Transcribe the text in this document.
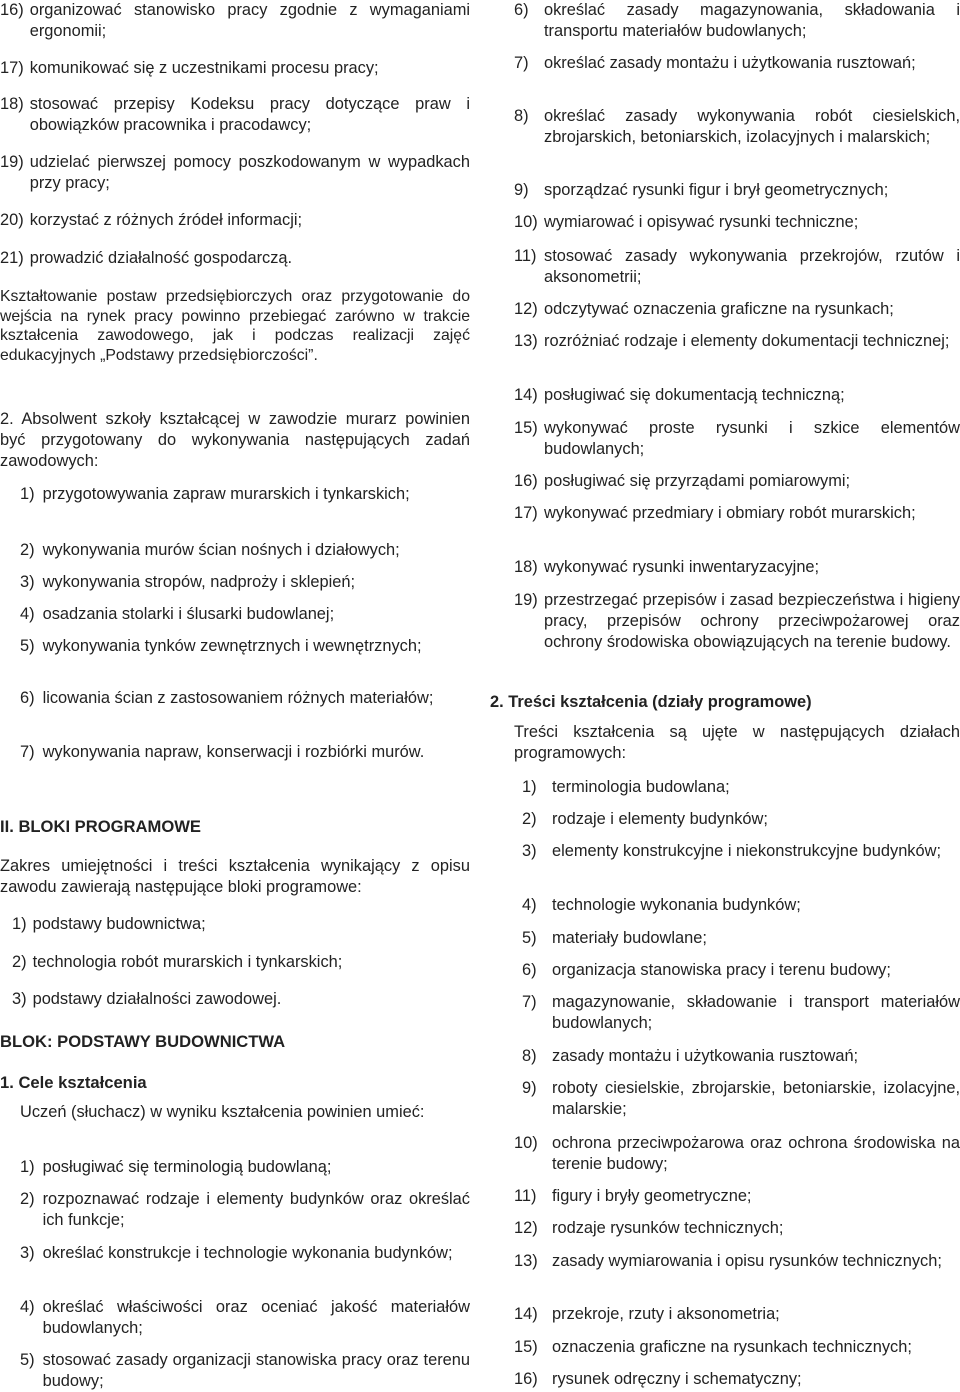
16) organizować stanowisko pracy zgodnie z wymaganiami ergonomii;
17) komunikować się z uczestnikami procesu pracy;
18) stosować przepisy Kodeksu pracy dotyczące praw i obowiązków pracownika i pracodawcy;
19) udzielać pierwszej pomocy poszkodowanym w wypadkach przy pracy;
20) korzystać z różnych źródeł informacji;
21) prowadzić działalność gospodarczą.

Kształtowanie postaw przedsiębiorczych oraz przygotowanie do wejścia na rynek pracy powinno przebiegać zarówno w trakcie kształcenia zawodowego, jak i podczas realizacji zajęć edukacyjnych „Podstawy przedsiębiorczości”.

2. Absolwent szkoły kształcącej w zawodzie murarz powinien być przygotowany do wykonywania następujących zadań zawodowych:

1) przygotowywania zapraw murarskich i tynkarskich;
2) wykonywania murów ścian nośnych i działowych;
3) wykonywania stropów, nadproży i sklepień;
4) osadzania stolarki i ślusarki budowlanej;
5) wykonywania tynków zewnętrznych i wewnętrznych;
6) licowania ścian z zastosowaniem różnych materiałów;
7) wykonywania napraw, konserwacji i rozbiórki murów.
II. BLOKI PROGRAMOWE

Zakres umiejętności i treści kształcenia wynikający z opisu zawodu zawierają następujące bloki programowe:

1) podstawy budownictwa;
2) technologia robót murarskich i tynkarskich;
3) podstawy działalności zawodowej.
BLOK: PODSTAWY BUDOWNICTWA
1. Cele kształcenia

Uczeń (słuchacz) w wyniku kształcenia powinien umieć:

1) posługiwać się terminologią budowlaną;
2) rozpoznawać rodzaje i elementy budynków oraz określać ich funkcje;
3) określać konstrukcje i technologie wykonania budynków;
4) określać właściwości oraz oceniać jakość materiałów budowlanych;
5) stosować zasady organizacji stanowiska pracy oraz terenu budowy;
6) określać zasady magazynowania, składowania i transportu materiałów budowlanych;
7) określać zasady montażu i użytkowania rusztowań;
8) określać zasady wykonywania robót ciesielskich, zbrojarskich, betoniarskich, izolacyjnych i malarskich;
9) sporządzać rysunki figur i brył geometrycznych;
10) wymiarować i opisywać rysunki techniczne;
11) stosować zasady wykonywania przekrojów, rzutów i aksonometrii;
12) odczytywać oznaczenia graficzne na rysunkach;
13) rozróżniać rodzaje i elementy dokumentacji technicznej;
14) posługiwać się dokumentacją techniczną;
15) wykonywać proste rysunki i szkice elementów budowlanych;
16) posługiwać się przyrządami pomiarowymi;
17) wykonywać przedmiary i obmiary robót murarskich;
18) wykonywać rysunki inwentaryzacyjne;
19) przestrzegać przepisów i zasad bezpieczeństwa i higieny pracy, przepisów ochrony przeciwpożarowej oraz ochrony środowiska obowiązujących na terenie budowy.
2. Treści kształcenia (działy programowe)

Treści kształcenia są ujęte w następujących działach programowych:

1) terminologia budowlana;
2) rodzaje i elementy budynków;
3) elementy konstrukcyjne i niekonstrukcyjne budynków;
4) technologie wykonania budynków;
5) materiały budowlane;
6) organizacja stanowiska pracy i terenu budowy;
7) magazynowanie, składowanie i transport materiałów budowlanych;
8) zasady montażu i użytkowania rusztowań;
9) roboty ciesielskie, zbrojarskie, betoniarskie, izolacyjne, malarskie;
10) ochrona przeciwpożarowa oraz ochrona środowiska na terenie budowy;
11) figury i bryły geometryczne;
12) rodzaje rysunków technicznych;
13) zasady wymiarowania i opisu rysunków technicznych;
14) przekroje, rzuty i aksonometria;
15) oznaczenia graficzne na rysunkach technicznych;
16) rysunek odręczny i schematyczny;
